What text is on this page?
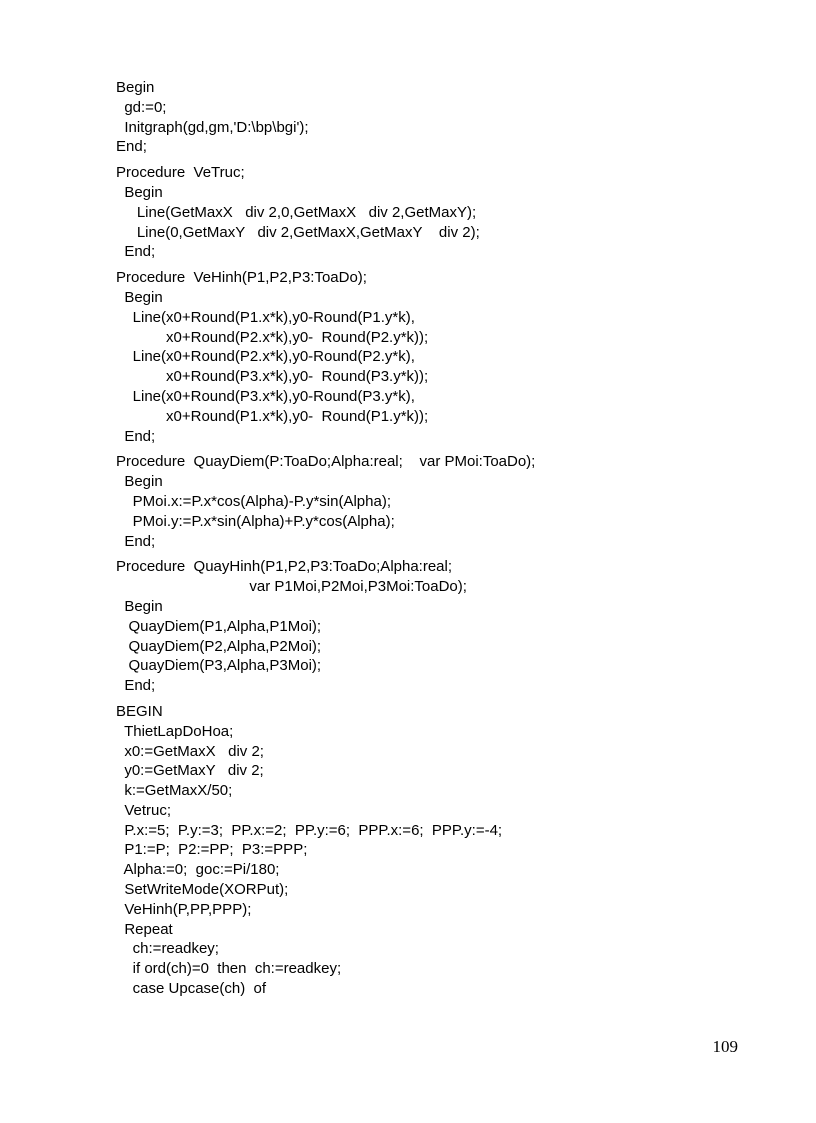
Begin
gd:=0;
Initgraph(gd,gm,'D:\bp\bgi');
End;
Procedure  VeTruc;
Begin
Line(GetMaxX   div 2,0,GetMaxX   div 2,GetMaxY);
Line(0,GetMaxY   div 2,GetMaxX,GetMaxY    div 2);
End;
Procedure  VeHinh(P1,P2,P3:ToaDo);
Begin
Line(x0+Round(P1.x*k),y0-Round(P1.y*k),
x0+Round(P2.x*k),y0-  Round(P2.y*k));
Line(x0+Round(P2.x*k),y0-Round(P2.y*k),
x0+Round(P3.x*k),y0-  Round(P3.y*k));
Line(x0+Round(P3.x*k),y0-Round(P3.y*k),
x0+Round(P1.x*k),y0-  Round(P1.y*k));
End;
Procedure  QuayDiem(P:ToaDo;Alpha:real;    var PMoi:ToaDo);
Begin
PMoi.x:=P.x*cos(Alpha)-P.y*sin(Alpha);
PMoi.y:=P.x*sin(Alpha)+P.y*cos(Alpha);
End;
Procedure  QuayHinh(P1,P2,P3:ToaDo;Alpha:real;
var P1Moi,P2Moi,P3Moi:ToaDo);
Begin
QuayDiem(P1,Alpha,P1Moi);
QuayDiem(P2,Alpha,P2Moi);
QuayDiem(P3,Alpha,P3Moi);
End;
BEGIN
ThietLapDoHoa;
x0:=GetMaxX   div 2;
y0:=GetMaxY   div 2;
k:=GetMaxX/50;
Vetruc;
P.x:=5;  P.y:=3;  PP.x:=2;  PP.y:=6;  PPP.x:=6;  PPP.y:=-4;
P1:=P;  P2:=PP;  P3:=PPP;
Alpha:=0;  goc:=Pi/180;
SetWriteMode(XORPut);
VeHinh(P,PP,PPP);
Repeat
ch:=readkey;
if ord(ch)=0  then  ch:=readkey;
case Upcase(ch)  of
109
